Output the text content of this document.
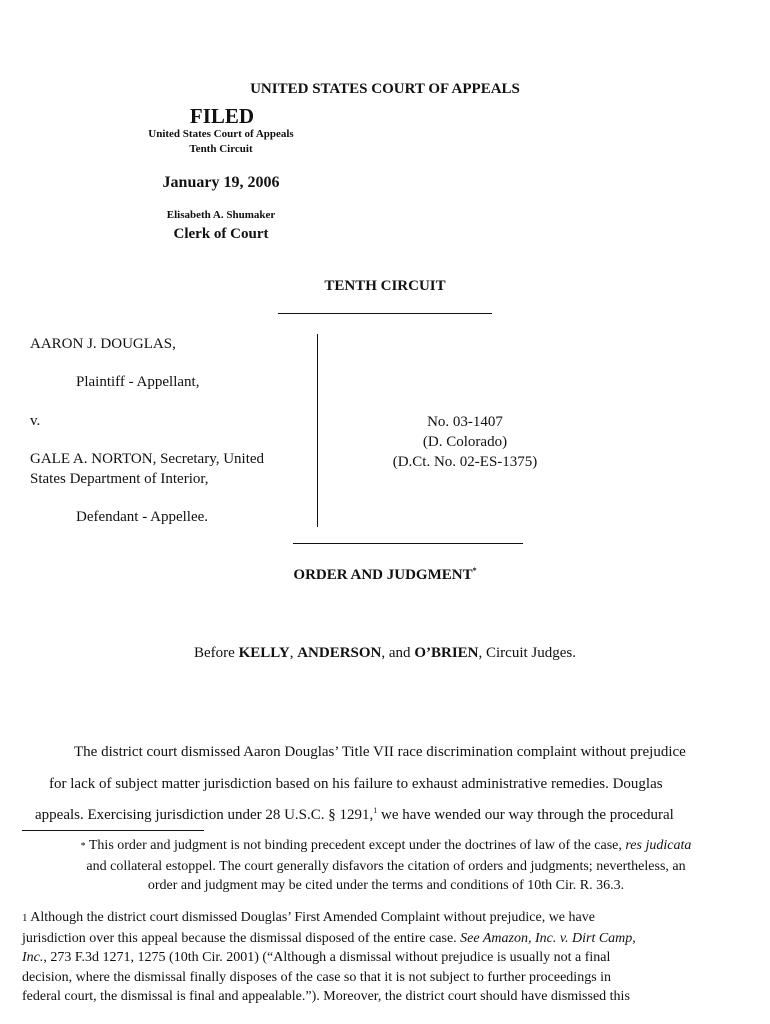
UNITED STATES COURT OF APPEALS
FILED
United States Court of Appeals
Tenth Circuit
January 19, 2006
Elisabeth A. Shumaker
Clerk of Court
TENTH CIRCUIT
AARON J. DOUGLAS,
Plaintiff - Appellant,
v.
GALE A. NORTON, Secretary, United
States Department of Interior,
Defendant - Appellee.
No. 03-1407
(D. Colorado)
(D.Ct. No. 02-ES-1375)
ORDER AND JUDGMENT*
Before KELLY, ANDERSON, and O’BRIEN, Circuit Judges.
The district court dismissed Aaron Douglas’ Title VII race discrimination complaint without prejudice
for lack of subject matter jurisdiction based on his failure to exhaust administrative remedies. Douglas
appeals. Exercising jurisdiction under 28 U.S.C. § 1291,$^1$ we have wended our way through the procedural
* This order and judgment is not binding precedent except under the doctrines of law of the case, res judicata
and collateral estoppel. The court generally disfavors the citation of orders and judgments; nevertheless, an
order and judgment may be cited under the terms and conditions of 10th Cir. R. 36.3.
1 Although the district court dismissed Douglas’ First Amended Complaint without prejudice, we have
jurisdiction over this appeal because the dismissal disposed of the entire case. See Amazon, Inc. v. Dirt Camp,
Inc., 273 F.3d 1271, 1275 (10th Cir. 2001) (“Although a dismissal without prejudice is usually not a final
decision, where the dismissal finally disposes of the case so that it is not subject to further proceedings in
federal court, the dismissal is final and appealable.”). Moreover, the district court should have dismissed this
